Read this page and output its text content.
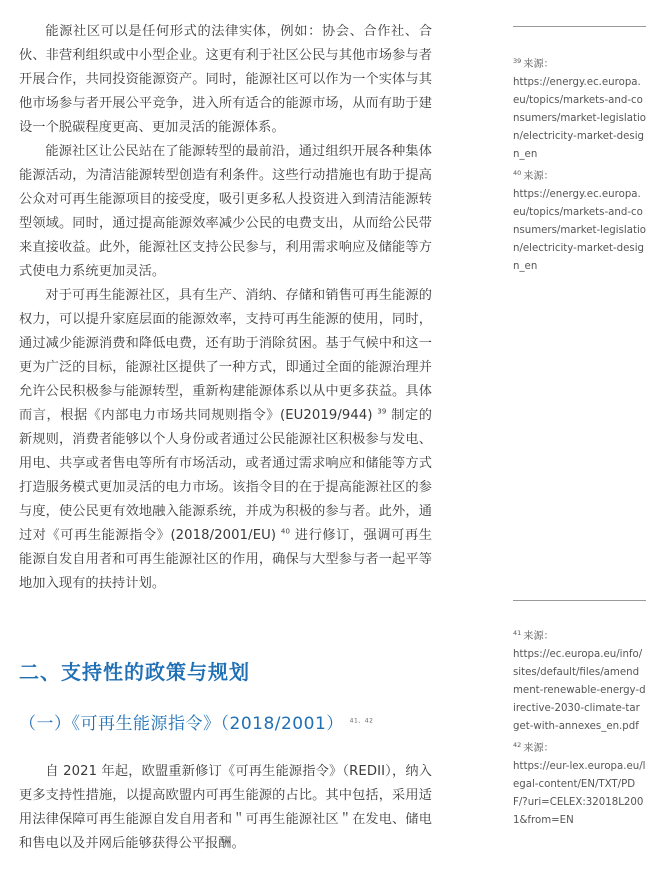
能源社区可以是任何形式的法律实体，例如：协会、合作社、合伙、非营利组织或中小型企业。这更有利于社区公民与其他市场参与者开展合作，共同投资能源资产。同时，能源社区可以作为一个实体与其他市场参与者开展公平竞争，进入所有适合的能源市场，从而有助于建设一个脱碳程度更高、更加灵活的能源体系。

能源社区让公民站在了能源转型的最前沿，通过组织开展各种集体能源活动，为清洁能源转型创造有利条件。这些行动措施也有助于提高公众对可再生能源项目的接受度，吸引更多私人投资进入到清洁能源转型领域。同时，通过提高能源效率减少公民的电费支出，从而给公民带来直接收益。此外，能源社区支持公民参与，利用需求响应及储能等方式使电力系统更加灵活。

对于可再生能源社区，具有生产、消纳、存储和销售可再生能源的权力，可以提升家庭层面的能源效率，支持可再生能源的使用，同时，通过减少能源消费和降低电费，还有助于消除贫困。基于气候中和这一更为广泛的目标，能源社区提供了一种方式，即通过全面的能源治理并允许公民积极参与能源转型，重新构建能源体系以从中更多获益。具体而言，根据《内部电力市场共同规则指令》(EU2019/944) $^{39}$ 制定的新规则，消费者能够以个人身份或者通过公民能源社区积极参与发电、用电、共享或者售电等所有市场活动，或者通过需求响应和储能等方式打造服务模式更加灵活的电力市场。该指令目的在于提高能源社区的参与度，使公民更有效地融入能源系统，并成为积极的参与者。此外，通过对《可再生能源指令》(2018/2001/EU) $^{40}$ 进行修订，强调可再生能源自发自用者和可再生能源社区的作用，确保与大型参与者一起平等地加入现有的扶持计划。

二、支持性的政策与规划
（一）《可再生能源指令》（2018/2001） $^{41、42}$

自 2021 年起，欧盟重新修订《可再生能源指令》（REDII），纳入更多支持性措施，以提高欧盟内可再生能源的占比。其中包括，采用适用法律保障可再生能源自发自用者和＂可再生能源社区＂在发电、储电和售电以及并网后能够获得公平报酬。

$^{39}$ 来源：
https://energy.ec.europa.eu/topics/markets-and-consumers/market-legislation/electricity-market-design_en

$^{40}$ 来源：
https://energy.ec.europa.eu/topics/markets-and-consumers/market-legislation/electricity-market-design_en

$^{41}$ 来源：
https://ec.europa.eu/info/sites/default/files/amendment-renewable-energy-directive-2030-climate-target-with-annexes_en.pdf

$^{42}$ 来源：
https://eur-lex.europa.eu/legal-content/EN/TXT/PDF/?uri=CELEX:32018L2001&from=EN
